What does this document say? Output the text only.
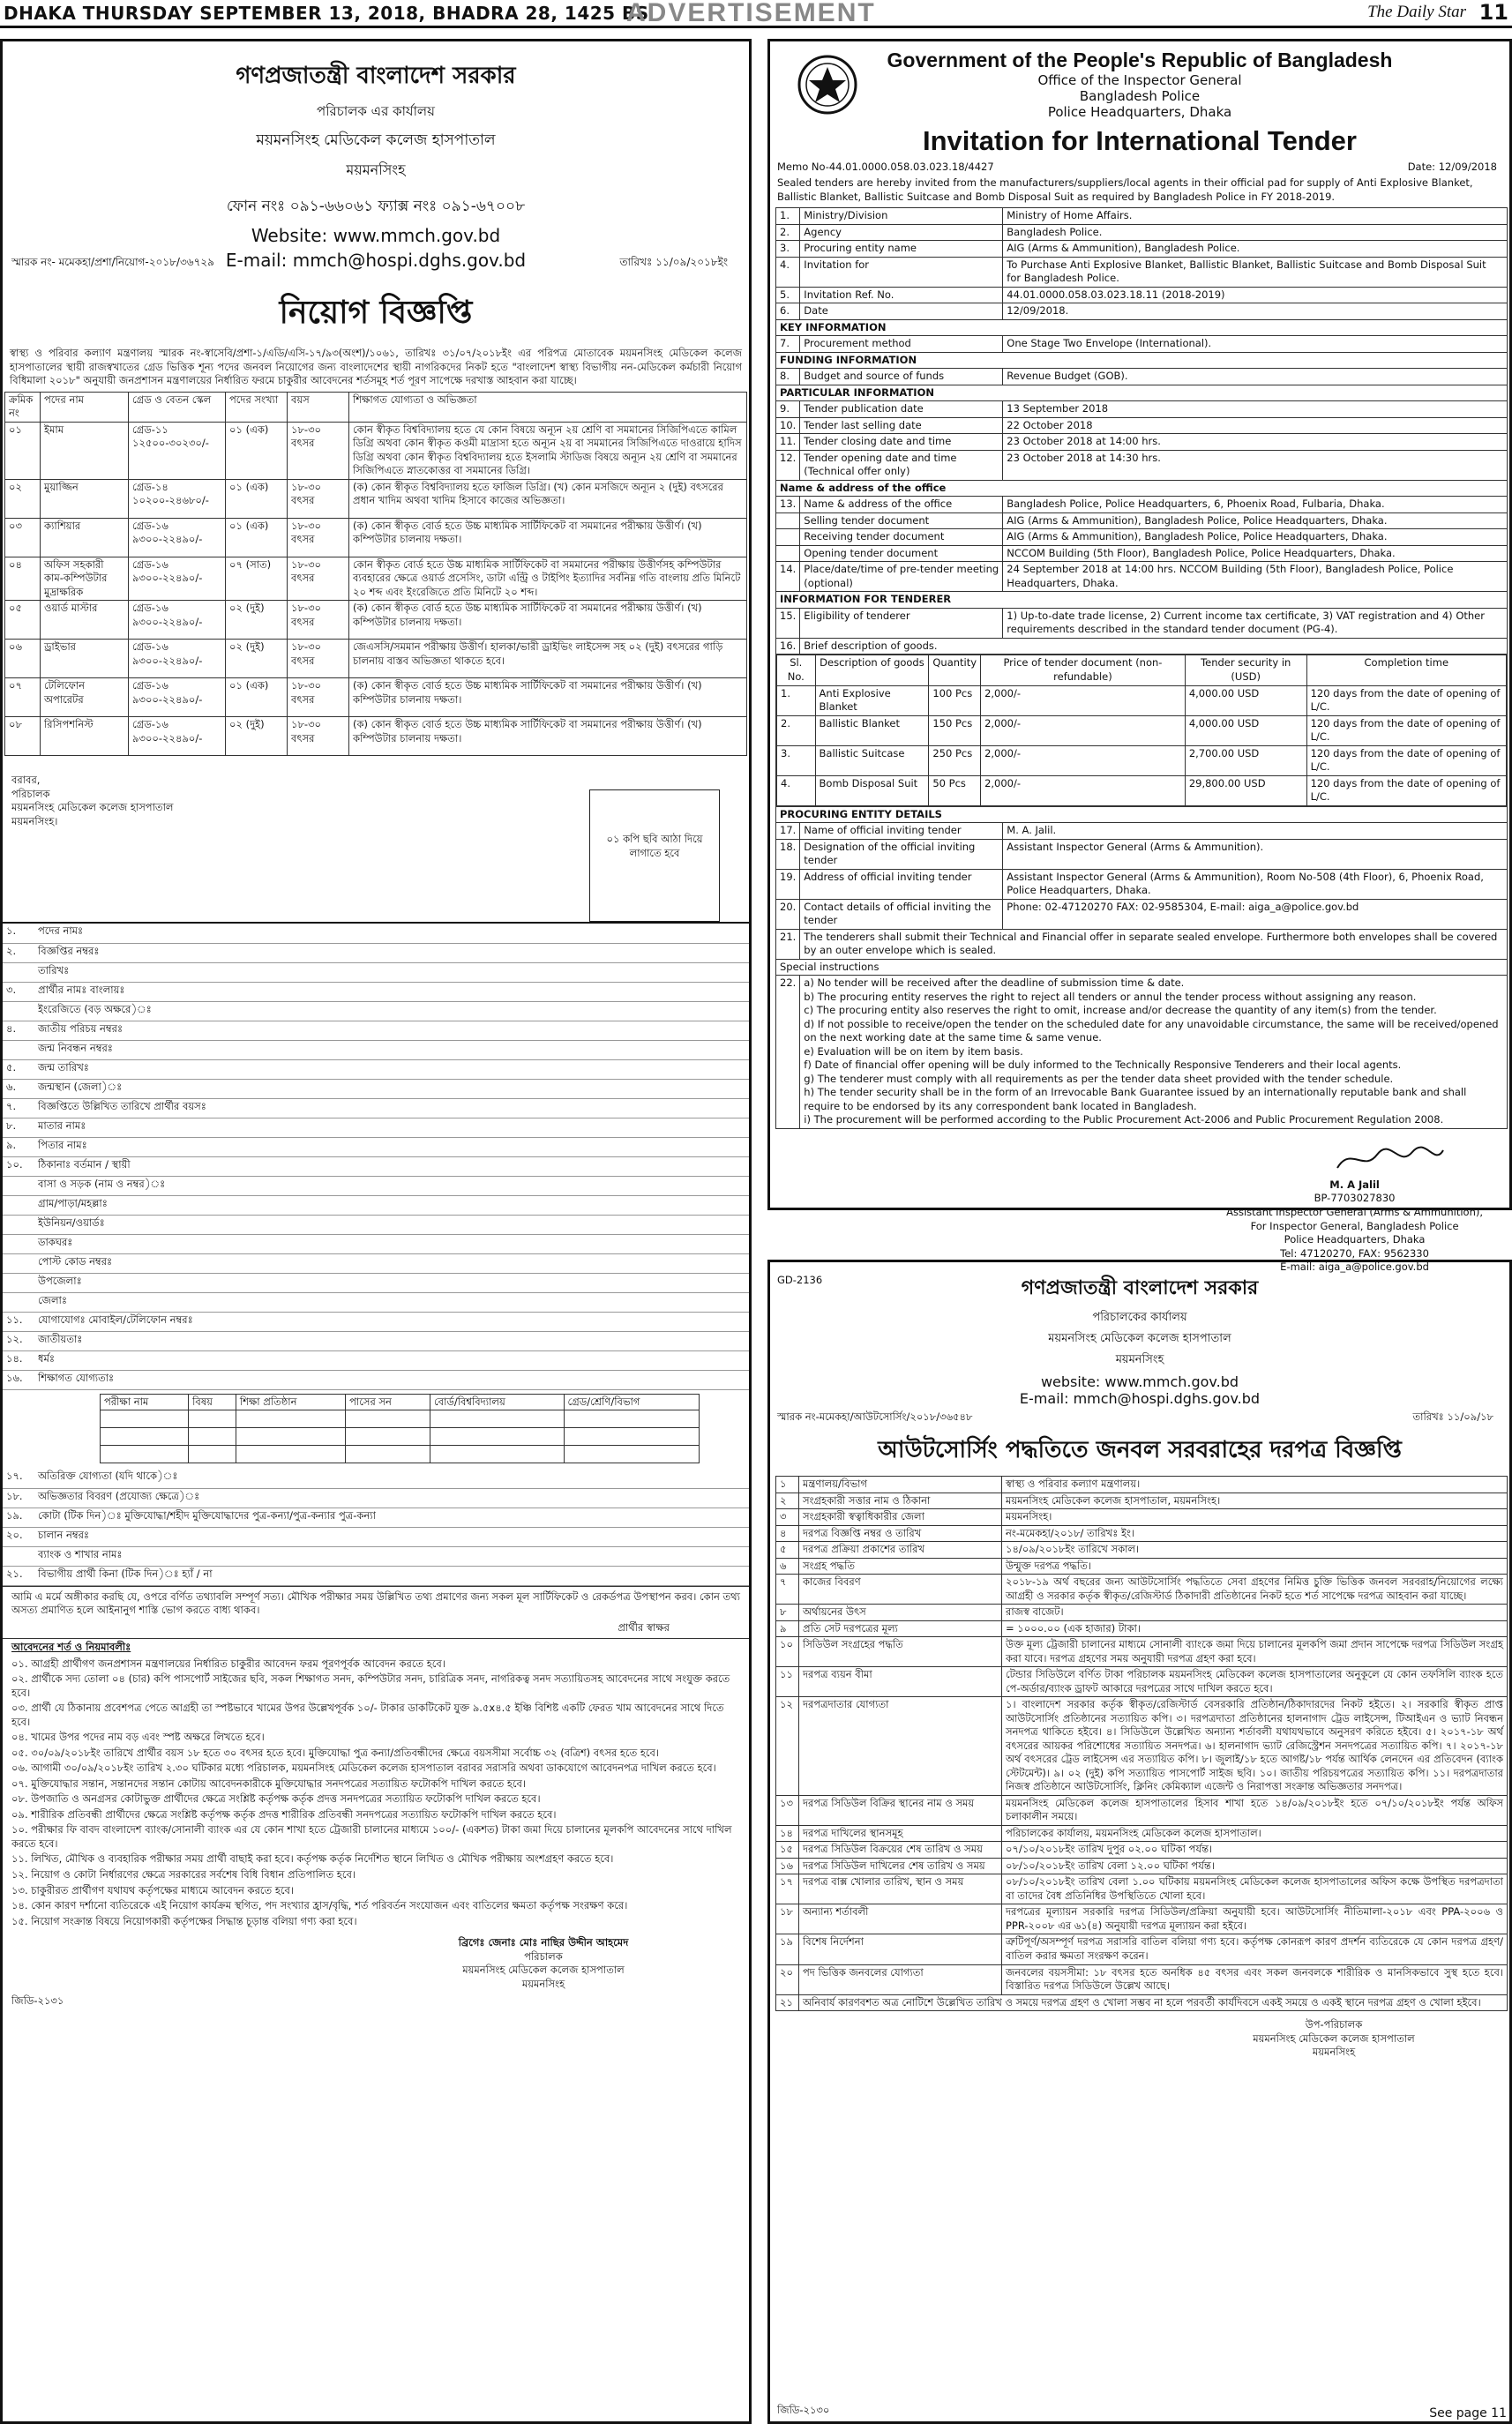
DHAKA THURSDAY SEPTEMBER 13, 2018, BHADRA 28, 1425 BS
ADVERTISEMENT	The Daily Star 11
গণপ্রজাতন্ত্রী বাংলাদেশ সরকার
পরিচালক এর কার্যালয়
ময়মনসিংহ মেডিকেল কলেজ হাসপাতাল
ময়মনসিংহ
ফোন নংঃ ০৯১-৬৬০৬১ ফ্যাক্স নংঃ ০৯১-৬৭০০৮
Website: www.mmch.gov.bd
E-mail: mmch@hospi.dghs.gov.bd
স্মারক নং- মমেকহা/প্রশা/নিয়োগ-২০১৮/৩৬৭২৯	তারিখঃ ১১/০৯/২০১৮ইং
নিয়োগ বিজ্ঞপ্তি
স্বাস্থ্য ও পরিবার কল্যাণ মন্ত্রণালয় স্মারক নং-স্বাসেবি/প্রশা-১/এডি/এসি-১৭/৯৩(অংশ)/১০৬১, তারিখঃ ৩১/০৭/২০১৮ইং এর পরিপত্র মোতাবেক ময়মনসিংহ মেডিকেল কলেজ হাসপাতালের স্থায়ী রাজস্বখাতের গ্রেড ভিত্তিক শূন্য পদের জনবল নিয়োগের জন্য বাংলাদেশের স্থায়ী নাগরিকদের নিকট হতে "বাংলাদেশ স্বাস্থ্য বিভাগীয় নন-মেডিকেল কর্মচারী নিয়োগ বিধিমালা ২০১৮" অনুযায়ী জনপ্রশাসন মন্ত্রণালয়ের নির্ধারিত ফরমে চাকুরীর আবেদনের শর্তসমূহ শর্ত পূরণ সাপেক্ষে দরখাস্ত আহবান করা যাচ্ছে।
ক্রমিক নং	পদের নাম	গ্রেড ও বেতন স্কেল	পদের সংখ্যা	বয়স	শিক্ষাগত যোগ্যতা ও অভিজ্ঞতা
০১	ইমাম	গ্রেড-১১ ১২৫০০-৩০২৩০/-	০১ (এক)	১৮-৩০ বৎসর	কোন স্বীকৃত বিশ্ববিদ্যালয় হতে যে কোন বিষয়ে অন্যূন ২য় শ্রেণি বা সমমানের সিজিপিএতে কামিল ডিগ্রি অথবা কোন স্বীকৃত কওমী মাদ্রাসা হতে অন্যূন ২য় বা সমমানের সিজিপিএতে দাওরায়ে হাদিস ডিগ্রি অথবা কোন স্বীকৃত বিশ্ববিদ্যালয় হতে ইসলামি স্টাডিজ বিষয়ে অন্যূন ২য় শ্রেণি বা সমমানের সিজিপিএতে স্নাতকোত্তর বা সমমানের ডিগ্রি।
০২	মুয়াজ্জিন	গ্রেড-১৪ ১০২০০-২৪৬৮০/-	০১ (এক)	১৮-৩০ বৎসর	(ক) কোন স্বীকৃত বিশ্ববিদ্যালয় হতে ফাজিল ডিগ্রি। (খ) কোন মসজিদে অন্যূন ২ (দুই) বৎসরের প্রধান খাদিম অথবা খাদিম হিসাবে কাজের অভিজ্ঞতা।
০৩	ক্যাশিয়ার	গ্রেড-১৬ ৯৩০০-২২৪৯০/-	০১ (এক)	১৮-৩০ বৎসর	(ক) কোন স্বীকৃত বোর্ড হতে উচ্চ মাধ্যমিক সার্টিফিকেট বা সমমানের পরীক্ষায় উত্তীর্ণ। (খ) কম্পিউটার চালনায় দক্ষতা।
০৪	অফিস সহকারী কাম-কম্পিউটার মুদ্রাক্ষরিক	গ্রেড-১৬ ৯৩০০-২২৪৯০/-	০৭ (সাত)	১৮-৩০ বৎসর	কোন স্বীকৃত বোর্ড হতে উচ্চ মাধ্যমিক সার্টিফিকেট বা সমমানের পরীক্ষায় উত্তীর্ণসহ কম্পিউটার ব্যবহারের ক্ষেত্রে ওয়ার্ড প্রসেসিং, ডাটা এন্ট্রি ও টাইপিং ইত্যাদির সর্বনিম্ন গতি বাংলায় প্রতি মিনিটে ২০ শব্দ এবং ইংরেজিতে প্রতি মিনিটে ২০ শব্দ।
০৫	ওয়ার্ড মাস্টার	গ্রেড-১৬ ৯৩০০-২২৪৯০/-	০২ (দুই)	১৮-৩০ বৎসর	(ক) কোন স্বীকৃত বোর্ড হতে উচ্চ মাধ্যমিক সার্টিফিকেট বা সমমানের পরীক্ষায় উত্তীর্ণ। (খ) কম্পিউটার চালনায় দক্ষতা।
০৬	ড্রাইভার	গ্রেড-১৬ ৯৩০০-২২৪৯০/-	০২ (দুই)	১৮-৩০ বৎসর	জেএসসি/সমমান পরীক্ষায় উত্তীর্ণ। হালকা/ভারী ড্রাইভিং লাইসেন্স সহ ০২ (দুই) বৎসরের গাড়ি চালনায় বাস্তব অভিজ্ঞতা থাকতে হবে।
০৭	টেলিফোন অপারেটর	গ্রেড-১৬ ৯৩০০-২২৪৯০/-	০১ (এক)	১৮-৩০ বৎসর	(ক) কোন স্বীকৃত বোর্ড হতে উচ্চ মাধ্যমিক সার্টিফিকেট বা সমমানের পরীক্ষায় উত্তীর্ণ। (খ) কম্পিউটার চালনায় দক্ষতা।
০৮	রিসিপশনিস্ট	গ্রেড-১৬ ৯৩০০-২২৪৯০/-	০২ (দুই)	১৮-৩০ বৎসর	(ক) কোন স্বীকৃত বোর্ড হতে উচ্চ মাধ্যমিক সার্টিফিকেট বা সমমানের পরীক্ষায় উত্তীর্ণ। (খ) কম্পিউটার চালনায় দক্ষতা।
বরাবর,
পরিচালক
ময়মনসিংহ মেডিকেল কলেজ হাসপাতাল
ময়মনসিংহ।
০১ কপি ছবি আঠা দিয়ে লাগাতে হবে
১.	পদের নামঃ
২.	বিজ্ঞপ্তির নম্বরঃ
	তারিখঃ
৩.	প্রার্থীর নামঃ বাংলায়ঃ
	ইংরেজিতে (বড় অক্ষরে)ঃ
৪.	জাতীয় পরিচয় নম্বরঃ
	জন্ম নিবন্ধন নম্বরঃ
৫.	জন্ম তারিখঃ
৬.	জন্মস্থান (জেলা)ঃ
৭.	বিজ্ঞপ্তিতে উল্লিখিত তারিখে প্রার্থীর বয়সঃ
৮.	মাতার নামঃ
৯.	পিতার নামঃ
১০.	ঠিকানাঃ বর্তমান / স্থায়ী
	বাসা ও সড়ক (নাম ও নম্বর)ঃ
	গ্রাম/পাড়া/মহল্লাঃ
	ইউনিয়ন/ওয়ার্ডঃ
	ডাকঘরঃ
	পোস্ট কোড নম্বরঃ
	উপজেলাঃ
	জেলাঃ
১১.	যোগাযোগঃ মোবাইল/টেলিফোন নম্বরঃ
১২.	জাতীয়তাঃ
১৪.	ধর্মঃ
১৬.	শিক্ষাগত যোগ্যতাঃ
পরীক্ষা নাম	বিষয়	শিক্ষা প্রতিষ্ঠান	পাসের সন	বোর্ড/বিশ্ববিদ্যালয়	গ্রেড/শ্রেণি/বিভাগ

১৭.	অতিরিক্ত যোগ্যতা (যদি থাকে)ঃ
১৮.	অভিজ্ঞতার বিবরণ (প্রযোজ্য ক্ষেত্রে)ঃ
১৯.	কোটা (টিক দিন)ঃ মুক্তিযোদ্ধা/শহীদ মুক্তিযোদ্ধাদের পুত্র-কন্যা/পুত্র-কন্যার পুত্র-কন্যা
২০.	চালান নম্বরঃ
	ব্যাংক ও শাখার নামঃ
২১.	বিভাগীয় প্রার্থী কিনা (টিক দিন)ঃ হ্যাঁ / না
আমি এ মর্মে অঙ্গীকার করছি যে, ওপরে বর্ণিত তথ্যাবলি সম্পূর্ণ সত্য। মৌখিক পরীক্ষার সময় উল্লিখিত তথ্য প্রমাণের জন্য সকল মূল সার্টিফিকেট ও রেকর্ডপত্র উপস্থাপন করব। কোন তথ্য অসত্য প্রমাণিত হলে আইনানুগ শাস্তি ভোগ করতে বাধ্য থাকব।
প্রার্থীর স্বাক্ষর
আবেদনের শর্ত ও নিয়মাবলীঃ
০১. আগ্রহী প্রার্থীগণ জনপ্রশাসন মন্ত্রণালয়ের নির্ধারিত চাকুরীর আবেদন ফরম পূরণপূর্বক আবেদন করতে হবে।
০২. প্রার্থীকে সদ্য তোলা ০৪ (চার) কপি পাসপোর্ট সাইজের ছবি, সকল শিক্ষাগত সনদ, কম্পিউটার সনদ, চারিত্রিক সনদ, নাগরিকত্ব সনদ সত্যায়িতসহ আবেদনের সাথে সংযুক্ত করতে হবে।
০৩. প্রার্থী যে ঠিকানায় প্রবেশপত্র পেতে আগ্রহী তা স্পষ্টভাবে খামের উপর উল্লেখপূর্বক ১০/- টাকার ডাকটিকেট যুক্ত ৯.৫x৪.৫ ইঞ্চি বিশিষ্ট একটি ফেরত খাম আবেদনের সাথে দিতে হবে।
০৪. খামের উপর পদের নাম বড় এবং স্পষ্ট অক্ষরে লিখতে হবে।
০৫. ৩০/০৯/২০১৮ইং তারিখে প্রার্থীর বয়স ১৮ হতে ৩০ বৎসর হতে হবে। মুক্তিযোদ্ধা পুত্র কন্যা/প্রতিবন্ধীদের ক্ষেত্রে বয়সসীমা সর্বোচ্চ ৩২ (বত্রিশ) বৎসর হতে হবে।
০৬. আগামী ৩০/০৯/২০১৮ইং তারিখ ২.৩০ ঘটিকার মধ্যে পরিচালক, ময়মনসিংহ মেডিকেল কলেজ হাসপাতাল বরাবর সরাসরি অথবা ডাকযোগে আবেদনপত্র দাখিল করতে হবে।
০৭. মুক্তিযোদ্ধার সন্তান, সন্তানদের সন্তান কোটায় আবেদনকারীকে মুক্তিযোদ্ধার সনদপত্রের সত্যায়িত ফটোকপি দাখিল করতে হবে।
০৮. উপজাতি ও অনগ্রসর কোটাভুক্ত প্রার্থীদের ক্ষেত্রে সংশ্লিষ্ট কর্তৃপক্ষ কর্তৃক প্রদত্ত সনদপত্রের সত্যায়িত ফটোকপি দাখিল করতে হবে।
০৯. শারীরিক প্রতিবন্ধী প্রার্থীদের ক্ষেত্রে সংশ্লিষ্ট কর্তৃপক্ষ কর্তৃক প্রদত্ত শারীরিক প্রতিবন্ধী সনদপত্রের সত্যায়িত ফটোকপি দাখিল করতে হবে।
১০. পরীক্ষার ফি বাবদ বাংলাদেশ ব্যাংক/সোনালী ব্যাংক এর যে কোন শাখা হতে ট্রেজারী চালানের মাধ্যমে ১০০/- (একশত) টাকা জমা দিয়ে চালানের মূলকপি আবেদনের সাথে দাখিল করতে হবে।
১১. লিখিত, মৌখিক ও ব্যবহারিক পরীক্ষার সময় প্রার্থী বাছাই করা হবে। কর্তৃপক্ষ কর্তৃক নির্দেশিত স্থানে লিখিত ও মৌখিক পরীক্ষায় অংশগ্রহণ করতে হবে।
১২. নিয়োগ ও কোটা নির্ধারণের ক্ষেত্রে সরকারের সর্বশেষ বিধি বিধান প্রতিপালিত হবে।
১৩. চাকুরীরত প্রার্থীগণ যথাযথ কর্তৃপক্ষের মাধ্যমে আবেদন করতে হবে।
১৪. কোন কারণ দর্শানো ব্যতিরেকে এই নিয়োগ কার্যক্রম স্থগিত, পদ সংখ্যার হ্রাস/বৃদ্ধি, শর্ত পরিবর্তন সংযোজন এবং বাতিলের ক্ষমতা কর্তৃপক্ষ সংরক্ষণ করে।
১৫. নিয়োগ সংক্রান্ত বিষয়ে নিয়োগকারী কর্তৃপক্ষের সিদ্ধান্ত চূড়ান্ত বলিয়া গণ্য করা হবে।
ব্রিগেঃ জেনাঃ মোঃ নাছির উদ্দীন আহমেদ
পরিচালক
ময়মনসিংহ মেডিকেল কলেজ হাসপাতাল
ময়মনসিংহ
জিডি-২১৩১
Government of the People's Republic of Bangladesh
Office of the Inspector General
Bangladesh Police
Police Headquarters, Dhaka
Invitation for International Tender
Memo No-44.01.0000.058.03.023.18/4427	Date: 12/09/2018
Sealed tenders are hereby invited from the manufacturers/suppliers/local agents in their official pad for supply of Anti Explosive Blanket, Ballistic Blanket, Ballistic Suitcase and Bomb Disposal Suit as required by Bangladesh Police in FY 2018-2019.
1.	Ministry/Division	Ministry of Home Affairs.
2.	Agency	Bangladesh Police.
3.	Procuring entity name	AIG (Arms & Ammunition), Bangladesh Police.
4.	Invitation for	To Purchase Anti Explosive Blanket, Ballistic Blanket, Ballistic Suitcase and Bomb Disposal Suit for Bangladesh Police.
5.	Invitation Ref. No.	44.01.0000.058.03.023.18.11 (2018-2019)
6.	Date	12/09/2018.
KEY INFORMATION
7.	Procurement method	One Stage Two Envelope (International).
FUNDING INFORMATION
8.	Budget and source of funds	Revenue Budget (GOB).
PARTICULAR INFORMATION
9.	Tender publication date	13 September 2018
10.	Tender last selling date	22 October 2018
11.	Tender closing date and time	23 October 2018 at 14:00 hrs.
12.	Tender opening date and time (Technical offer only)	23 October 2018 at 14:30 hrs.
Name & address of the office
13.	Name & address of the office	Bangladesh Police, Police Headquarters, 6, Phoenix Road, Fulbaria, Dhaka.
	Selling tender document	AIG (Arms & Ammunition), Bangladesh Police, Police Headquarters, Dhaka.
	Receiving tender document	AIG (Arms & Ammunition), Bangladesh Police, Police Headquarters, Dhaka.
	Opening tender document	NCCOM Building (5th Floor), Bangladesh Police, Police Headquarters, Dhaka.
14.	Place/date/time of pre-tender meeting (optional)	24 September 2018 at 14:00 hrs. NCCOM Building (5th Floor), Bangladesh Police, Police Headquarters, Dhaka.
INFORMATION FOR TENDERER
15.	Eligibility of tenderer	1) Up-to-date trade license, 2) Current income tax certificate, 3) VAT registration and 4) Other requirements described in the standard tender document (PG-4).
16.	Brief description of goods.

Sl. No.	Description of goods	Quantity	Price of tender document (non-refundable)	Tender security in (USD)	Completion time
1.	Anti Explosive Blanket	100 Pcs	2,000/-	4,000.00 USD	120 days from the date of opening of L/C.
2.	Ballistic Blanket	150 Pcs	2,000/-	4,000.00 USD	120 days from the date of opening of L/C.
3.	Ballistic Suitcase	250 Pcs	2,000/-	2,700.00 USD	120 days from the date of opening of L/C.
4.	Bomb Disposal Suit	50 Pcs	2,000/-	29,800.00 USD	120 days from the date of opening of L/C.

PROCURING ENTITY DETAILS
17.	Name of official inviting tender	M. A. Jalil.
18.	Designation of the official inviting tender	Assistant Inspector General (Arms & Ammunition).
19.	Address of official inviting tender	Assistant Inspector General (Arms & Ammunition), Room No-508 (4th Floor), 6, Phoenix Road, Police Headquarters, Dhaka.
20.	Contact details of official inviting the tender	Phone: 02-47120270 FAX: 02-9585304, E-mail: aiga_a@police.gov.bd
21.	The tenderers shall submit their Technical and Financial offer in separate sealed envelope. Furthermore both envelopes shall be covered by an outer envelope which is sealed.
Special instructions
22.	a) No tender will be received after the deadline of submission time & date.
b) The procuring entity reserves the right to reject all tenders or annul the tender process without assigning any reason.
c) The procuring entity also reserves the right to omit, increase and/or decrease the quantity of any item(s) from the tender.
d) If not possible to receive/open the tender on the scheduled date for any unavoidable circumstance, the same will be received/opened on the next working date at the same time & same venue.
e) Evaluation will be on item by item basis.
f) Date of financial offer opening will be duly informed to the Technically Responsive Tenderers and their local agents.
g) The tenderer must comply with all requirements as per the tender data sheet provided with the tender schedule.
h) The tender security shall be in the form of an Irrevocable Bank Guarantee issued by an internationally reputable bank and shall require to be endorsed by its any correspondent bank located in Bangladesh.
i) The procurement will be performed according to the Public Procurement Act-2006 and Public Procurement Regulation 2008.
M. A Jalil
BP-7703027830
Assistant Inspector General (Arms & Ammunition),
For Inspector General, Bangladesh Police
Police Headquarters, Dhaka
Tel: 47120270, FAX: 9562330
E-mail: aiga_a@police.gov.bd
GD-2136	গণপ্রজাতন্ত্রী বাংলাদেশ সরকার
পরিচালকের কার্যালয়
ময়মনসিংহ মেডিকেল কলেজ হাসপাতাল
ময়মনসিংহ
website: www.mmch.gov.bd
E-mail: mmch@hospi.dghs.gov.bd
স্মারক নং-মমেকহা/আউটসোর্সিং/২০১৮/৩৬৫৪৮	তারিখঃ ১১/০৯/১৮
আউটসোর্সিং পদ্ধতিতে জনবল সরবরাহের দরপত্র বিজ্ঞপ্তি
১	মন্ত্রণালয়/বিভাগ	স্বাস্থ্য ও পরিবার কল্যাণ মন্ত্রণালয়।
২	সংগ্রহকারী সত্তার নাম ও ঠিকানা	ময়মনসিংহ মেডিকেল কলেজ হাসপাতাল, ময়মনসিংহ।
৩	সংগ্রহকারী স্বত্বাধিকারীর জেলা	ময়মনসিংহ।
৪	দরপত্র বিজ্ঞপ্তি নম্বর ও তারিখ	নং-মমেকহা/২০১৮/ তারিখঃ ইং।
৫	দরপত্র প্রক্রিয়া প্রকাশের তারিখ	১৪/০৯/২০১৮ইং তারিখে সকাল।
৬	সংগ্রহ পদ্ধতি	উন্মুক্ত দরপত্র পদ্ধতি।
৭	কাজের বিবরণ	২০১৮-১৯ অর্থ বছরের জন্য আউটসোর্সিং পদ্ধতিতে সেবা গ্রহণের নিমিত্ত চুক্তি ভিত্তিক জনবল সরবরাহ/নিয়োগের লক্ষ্যে আগ্রহী ও সরকার কর্তৃক স্বীকৃত/রেজিস্টার্ড ঠিকাদারী প্রতিষ্ঠানের নিকট হতে শর্ত সাপেক্ষে দরপত্র আহবান করা যাচ্ছে।
৮	অর্থায়নের উৎস	রাজস্ব বাজেট।
৯	প্রতি সেট দরপত্রের মূল্য	= ১০০০.০০ (এক হাজার) টাকা।
১০	সিডিউল সংগ্রহের পদ্ধতি	উক্ত মূল্য ট্রেজারী চালানের মাধ্যমে সোনালী ব্যাংকে জমা দিয়ে চালানের মূলকপি জমা প্রদান সাপেক্ষে দরপত্র সিডিউল সংগ্রহ করা যাবে। দরপত্র গ্রহণের সময় অনুযায়ী দরপত্র গ্রহণ করা হবে।
১১	দরপত্র ব্যয়ন বীমা	টেন্ডার সিডিউলে বর্ণিত টাকা পরিচালক ময়মনসিংহ মেডিকেল কলেজ হাসপাতালের অনুকূলে যে কোন তফসিলি ব্যাংক হতে পে-অর্ডার/ব্যাংক ড্রাফট আকারে দরপত্রের সাথে দাখিল করতে হবে।
১২	দরপত্রদাতার যোগ্যতা	১। বাংলাদেশ সরকার কর্তৃক স্বীকৃত/রেজিস্টার্ড বেসরকারি প্রতিষ্ঠান/ঠিকাদারদের নিকট হইতে। ২। সরকারি স্বীকৃত প্রাপ্ত আউটসোর্সিং প্রতিষ্ঠানের সত্যায়িত কপি। ৩। দরপত্রদাতা প্রতিষ্ঠানের হালনাগাদ ট্রেড লাইসেন্স, টিআইএন ও ভ্যাট নিবন্ধন সনদপত্র থাকিতে হইবে। ৪। সিডিউলে উল্লেখিত অন্যান্য শর্তাবলী যথাযথভাবে অনুসরণ করিতে হইবে। ৫। ২০১৭-১৮ অর্থ বৎসরের আয়কর পরিশোধের সত্যায়িত সনদপত্র। ৬। হালনাগাদ ভ্যাট রেজিস্ট্রেশন সনদপত্রের সত্যায়িত কপি। ৭। ২০১৭-১৮ অর্থ বৎসরের ট্রেড লাইসেন্স এর সত্যায়িত কপি। ৮। জুলাই/১৮ হতে আগষ্ট/১৮ পর্যন্ত আর্থিক লেনদেন এর প্রতিবেদন (ব্যাংক স্টেটমেন্ট)। ৯। ০২ (দুই) কপি সত্যায়িত পাসপোর্ট সাইজ ছবি। ১০। জাতীয় পরিচয়পত্রের সত্যায়িত কপি। ১১। দরপত্রদাতার নিজস্ব প্রতিষ্ঠানে আউটসোর্সিং, ক্লিনিং কেমিক্যাল এজেন্ট ও নিরাপত্তা সংক্রান্ত অভিজ্ঞতার সনদপত্র।
১৩	দরপত্র সিডিউল বিক্রির স্থানের নাম ও সময়	ময়মনসিংহ মেডিকেল কলেজ হাসপাতালের হিসাব শাখা হতে ১৪/০৯/২০১৮ইং হতে ০৭/১০/২০১৮ইং পর্যন্ত অফিস চলাকালীন সময়ে।
১৪	দরপত্র দাখিলের স্থানসমূহ	পরিচালকের কার্যালয়, ময়মনসিংহ মেডিকেল কলেজ হাসপাতাল।
১৫	দরপত্র সিডিউল বিক্রয়ের শেষ তারিখ ও সময়	০৭/১০/২০১৮ইং তারিখ দুপুর ০২.০০ ঘটিকা পর্যন্ত।
১৬	দরপত্র সিডিউল দাখিলের শেষ তারিখ ও সময়	০৮/১০/২০১৮ইং তারিখ বেলা ১২.০০ ঘটিকা পর্যন্ত।
১৭	দরপত্র বাক্স খোলার তারিখ, স্থান ও সময়	০৮/১০/২০১৮ইং তারিখ বেলা ১.০০ ঘটিকায় ময়মনসিংহ মেডিকেল কলেজ হাসপাতালের অফিস কক্ষে উপস্থিত দরপত্রদাতা বা তাদের বৈধ প্রতিনিধির উপস্থিতিতে খোলা হবে।
১৮	অন্যান্য শর্তাবলী	দরপত্রের মূল্যায়ন সরকারি দরপত্র সিডিউল/প্রক্রিয়া অনুযায়ী হবে। আউটসোর্সিং নীতিমালা-২০১৮ এবং PPA-২০০৬ ও PPR-২০০৮ এর ৬১(৪) অনুযায়ী দরপত্র মূল্যায়ন করা হইবে।
১৯	বিশেষ নির্দেশনা	ত্রুটিপূর্ণ/অসম্পূর্ণ দরপত্র সরাসরি বাতিল বলিয়া গণ্য হবে। কর্তৃপক্ষ কোনরূপ কারণ প্রদর্শন ব্যতিরেকে যে কোন দরপত্র গ্রহণ/বাতিল করার ক্ষমতা সংরক্ষণ করেন।
২০	পদ ভিত্তিক জনবলের যোগ্যতা	জনবলের বয়সসীমা: ১৮ বৎসর হতে অনধিক ৪৫ বৎসর এবং সকল জনবলকে শারীরিক ও মানসিকভাবে সুস্থ হতে হবে। বিস্তারিত দরপত্র সিডিউলে উল্লেখ আছে।
২১	অনিবার্য কারণবশত অত্র নোটিশে উল্লেখিত তারিখ ও সময়ে দরপত্র গ্রহণ ও খোলা সম্ভব না হলে পরবর্তী কার্যদিবসে একই সময়ে ও একই স্থানে দরপত্র গ্রহণ ও খোলা হইবে।	
উপ-পরিচালক
ময়মনসিংহ মেডিকেল কলেজ হাসপাতাল
ময়মনসিংহ
জিডি-২১৩০	See page 11
